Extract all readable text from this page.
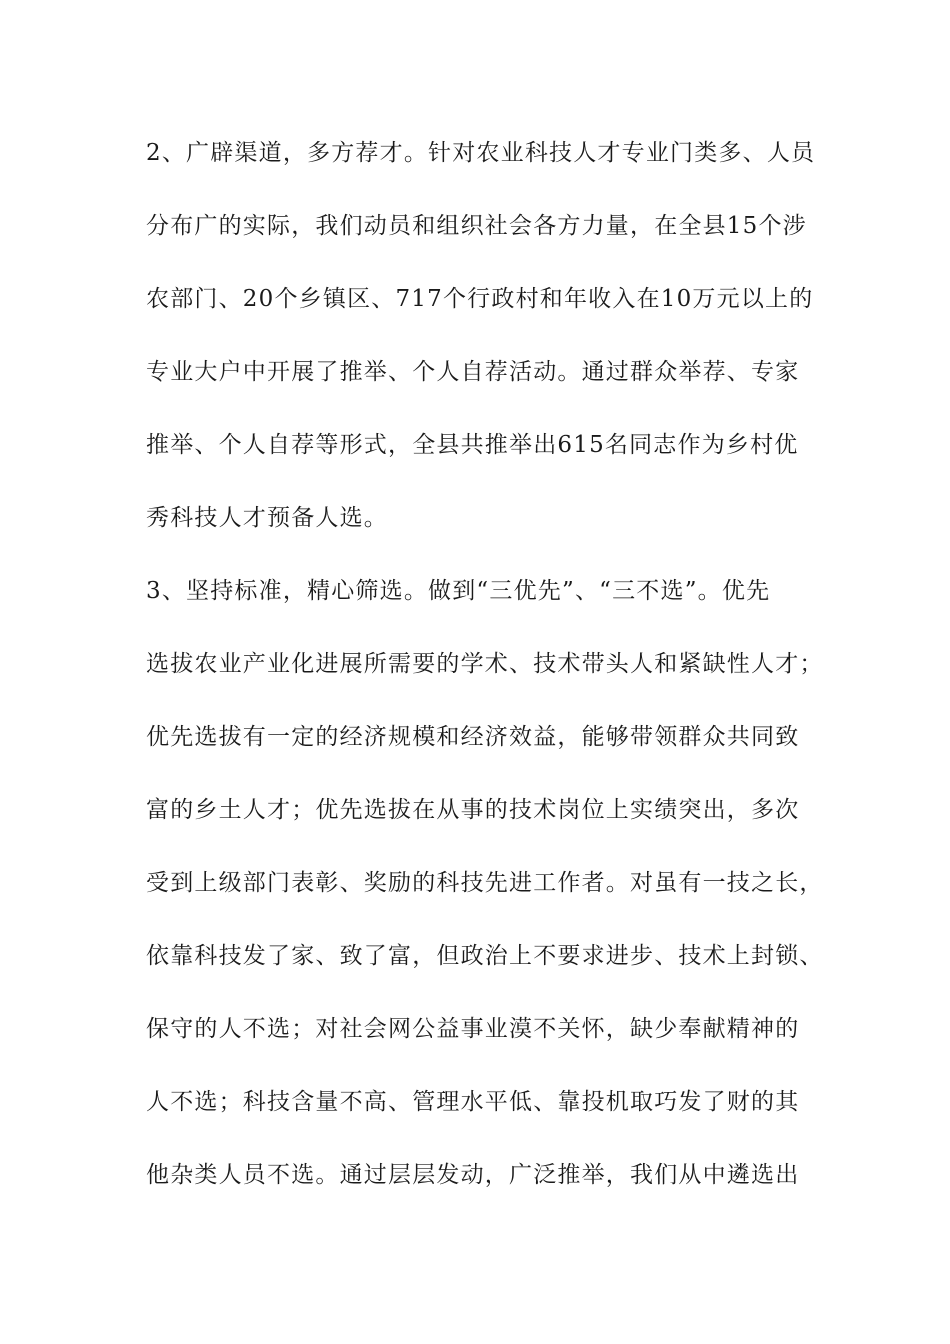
2、广辟渠道，多方荐才。针对农业科技人才专业门类多、人员

分布广的实际，我们动员和组织社会各方力量，在全县15个涉

农部门、20个乡镇区、717个行政村和年收入在10万元以上的

专业大户中开展了推举、个人自荐活动。通过群众举荐、专家

推举、个人自荐等形式，全县共推举出615名同志作为乡村优

秀科技人才预备人选。

3、坚持标准，精心筛选。做到“三优先”、“三不选”。优先

选拔农业产业化进展所需要的学术、技术带头人和紧缺性人才；

优先选拔有一定的经济规模和经济效益，能够带领群众共同致

富的乡土人才；优先选拔在从事的技术岗位上实绩突出，多次

受到上级部门表彰、奖励的科技先进工作者。对虽有一技之长，

依靠科技发了家、致了富，但政治上不要求进步、技术上封锁、

保守的人不选；对社会网公益事业漠不关怀，缺少奉献精神的

人不选；科技含量不高、管理水平低、靠投机取巧发了财的其

他杂类人员不选。通过层层发动，广泛推举，我们从中遴选出
